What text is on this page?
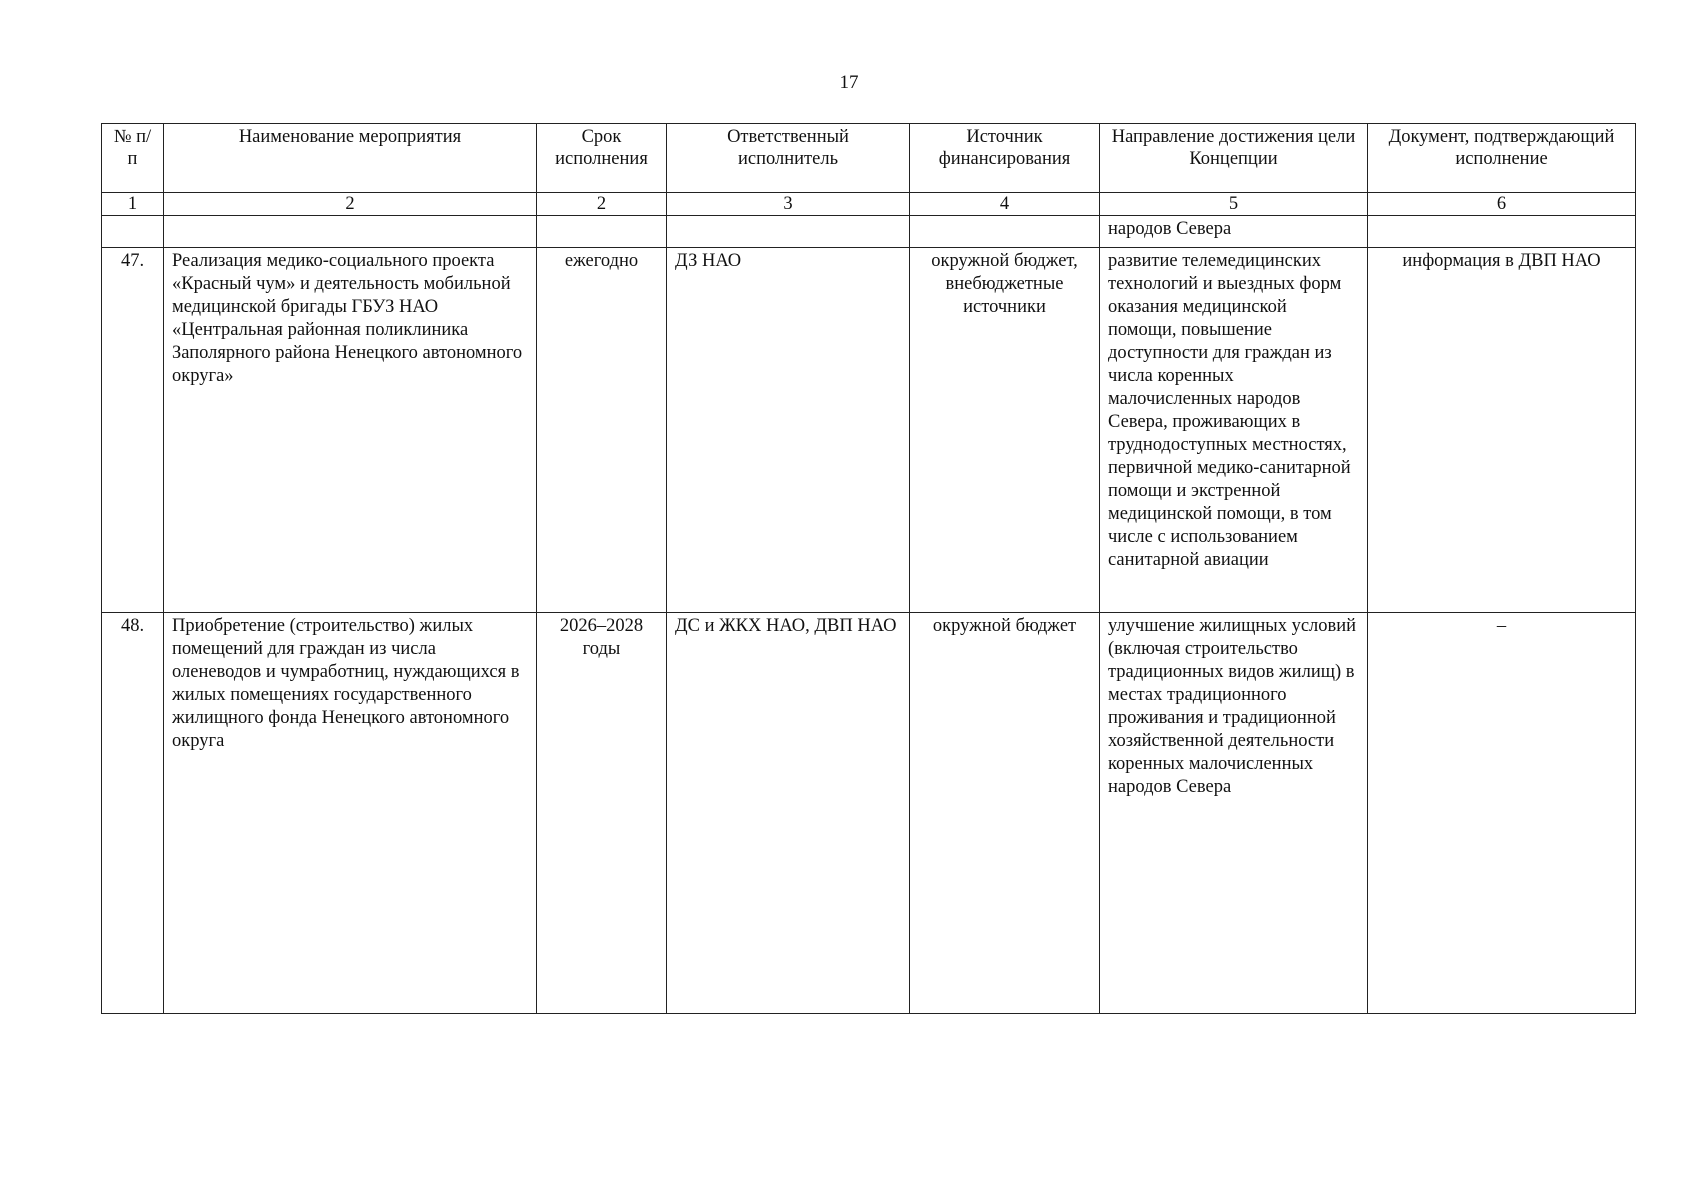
17
№ п/п	Наименование мероприятия	Срок исполнения	Ответственный исполнитель	Источник финансирования	Направление достижения цели Концепции	Документ, подтверждающий исполнение
1	2	2	3	4	5	6
					народов Севера	
47.	Реализация медико-социального проекта «Красный чум» и деятельность мобильной медицинской бригады ГБУЗ НАО «Центральная районная поликлиника Заполярного района Ненецкого автономного округа»	ежегодно	ДЗ НАО	окружной бюджет, внебюджетные источники	развитие телемедицинских технологий и выездных форм оказания медицинской помощи, повышение доступности для граждан из числа коренных малочисленных народов Севера, проживающих в труднодоступных местностях, первичной медико-санитарной помощи и экстренной медицинской помощи, в том числе с использованием санитарной авиации	информация в ДВП НАО
48.	Приобретение (строительство) жилых помещений для граждан из числа оленеводов и чумработниц, нуждающихся в жилых помещениях государственного жилищного фонда Ненецкого автономного округа	2026–2028 годы	ДС и ЖКХ НАО, ДВП НАО	окружной бюджет	улучшение жилищных условий (включая строительство традиционных видов жилищ) в местах традиционного проживания и традиционной хозяйственной деятельности коренных малочисленных народов Севера	–
